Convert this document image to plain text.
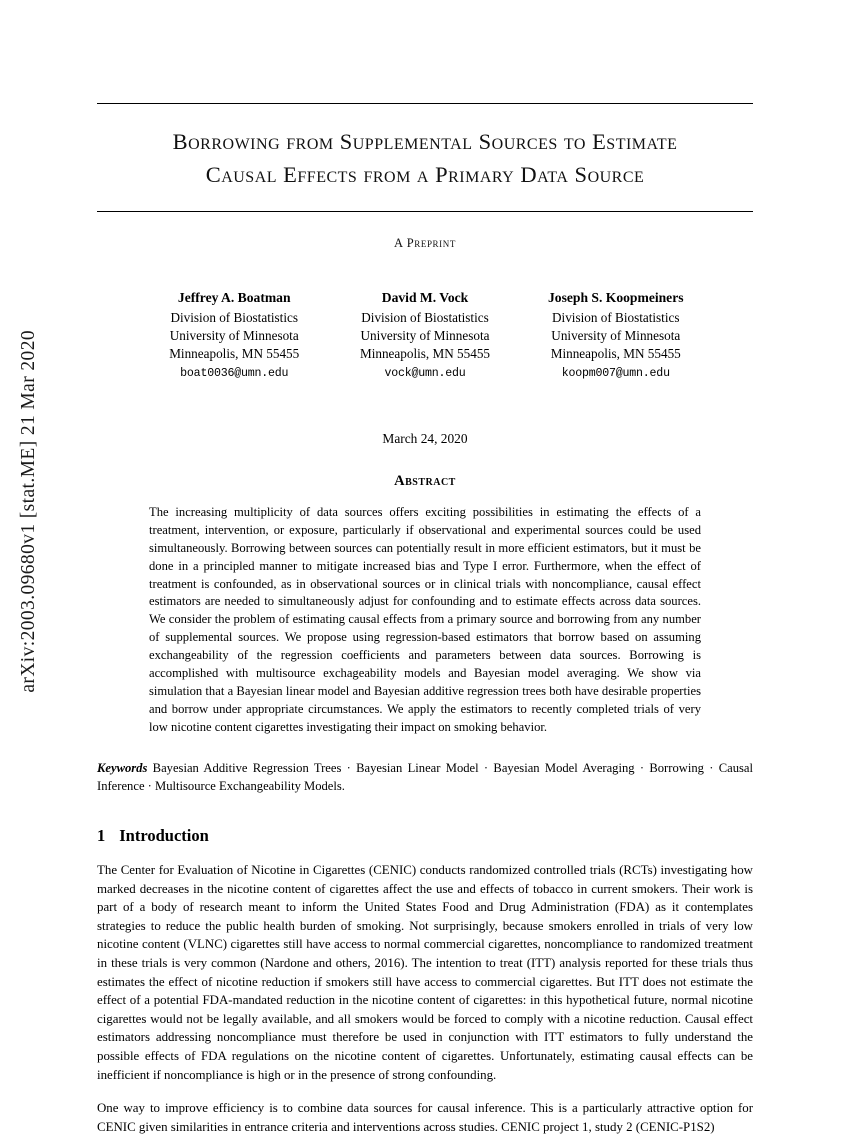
arXiv:2003.09680v1 [stat.ME] 21 Mar 2020
Borrowing from Supplemental Sources to Estimate
Causal Effects from a Primary Data Source
A Preprint
Jeffrey A. Boatman
Division of Biostatistics
University of Minnesota
Minneapolis, MN 55455
boat0036@umn.edu
David M. Vock
Division of Biostatistics
University of Minnesota
Minneapolis, MN 55455
vock@umn.edu
Joseph S. Koopmeiners
Division of Biostatistics
University of Minnesota
Minneapolis, MN 55455
koopm007@umn.edu
March 24, 2020
Abstract
The increasing multiplicity of data sources offers exciting possibilities in estimating the effects of a treatment, intervention, or exposure, particularly if observational and experimental sources could be used simultaneously. Borrowing between sources can potentially result in more efficient estimators, but it must be done in a principled manner to mitigate increased bias and Type I error. Furthermore, when the effect of treatment is confounded, as in observational sources or in clinical trials with noncompliance, causal effect estimators are needed to simultaneously adjust for confounding and to estimate effects across data sources. We consider the problem of estimating causal effects from a primary source and borrowing from any number of supplemental sources. We propose using regression-based estimators that borrow based on assuming exchangeability of the regression coefficients and parameters between data sources. Borrowing is accomplished with multisource exchageability models and Bayesian model averaging. We show via simulation that a Bayesian linear model and Bayesian additive regression trees both have desirable properties and borrow under appropriate circumstances. We apply the estimators to recently completed trials of very low nicotine content cigarettes investigating their impact on smoking behavior.
Keywords Bayesian Additive Regression Trees · Bayesian Linear Model · Bayesian Model Averaging · Borrowing · Causal Inference · Multisource Exchangeability Models.
1 Introduction
The Center for Evaluation of Nicotine in Cigarettes (CENIC) conducts randomized controlled trials (RCTs) investigating how marked decreases in the nicotine content of cigarettes affect the use and effects of tobacco in current smokers. Their work is part of a body of research meant to inform the United States Food and Drug Administration (FDA) as it contemplates strategies to reduce the public health burden of smoking. Not surprisingly, because smokers enrolled in trials of very low nicotine content (VLNC) cigarettes still have access to normal commercial cigarettes, noncompliance to randomized treatment in these trials is very common (Nardone and others, 2016). The intention to treat (ITT) analysis reported for these trials thus estimates the effect of nicotine reduction if smokers still have access to commercial cigarettes. But ITT does not estimate the effect of a potential FDA-mandated reduction in the nicotine content of cigarettes: in this hypothetical future, normal nicotine cigarettes would not be legally available, and all smokers would be forced to comply with a nicotine reduction. Causal effect estimators addressing noncompliance must therefore be used in conjunction with ITT estimators to fully understand the possible effects of FDA regulations on the nicotine content of cigarettes. Unfortunately, estimating causal effects can be inefficient if noncompliance is high or in the presence of strong confounding.
One way to improve efficiency is to combine data sources for causal inference. This is a particularly attractive option for CENIC given similarities in entrance criteria and interventions across studies. CENIC project 1, study 2 (CENIC-P1S2)
